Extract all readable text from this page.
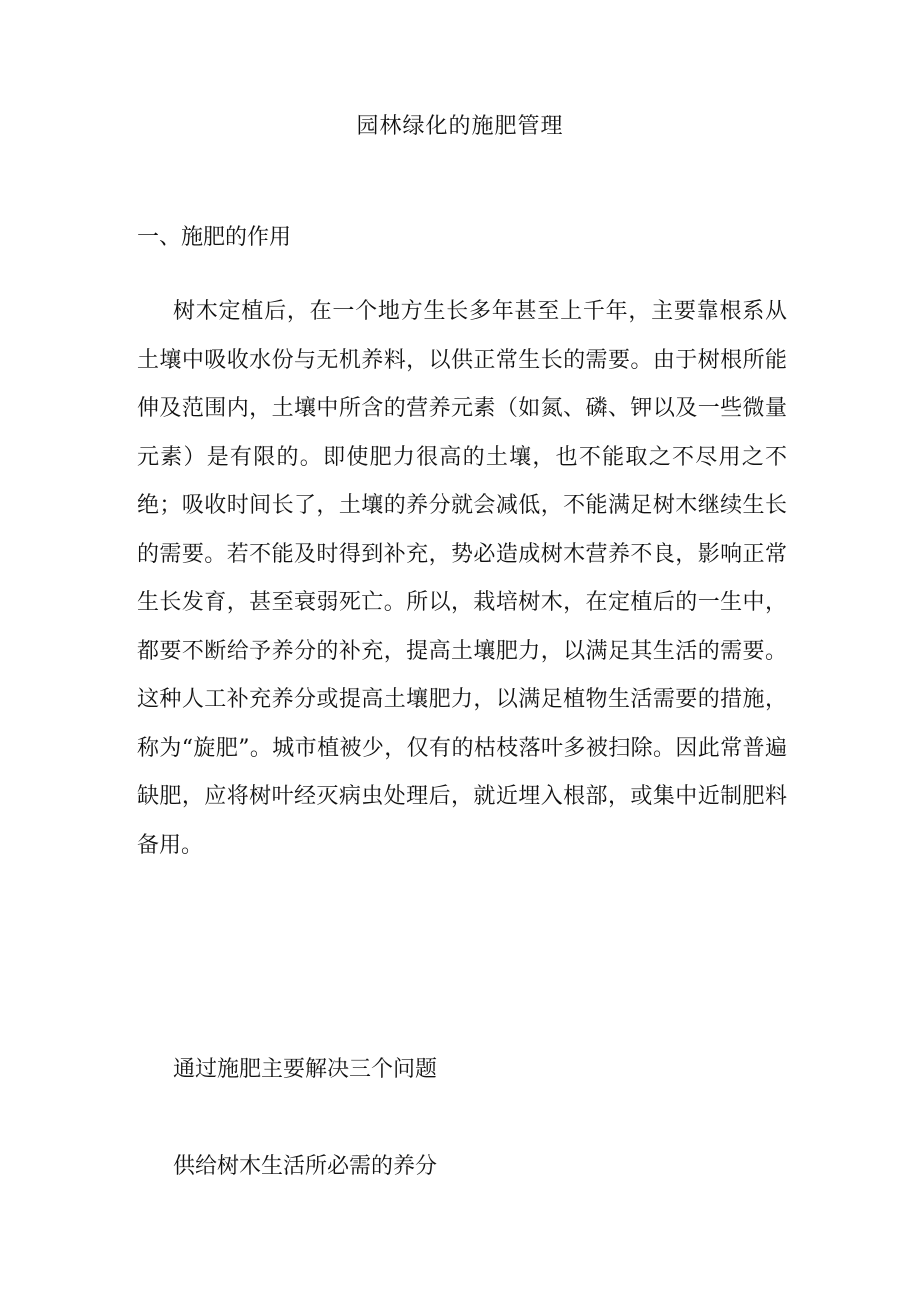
园林绿化的施肥管理
一、施肥的作用

树木定植后，在一个地方生长多年甚至上千年，主要靠根系从土壤中吸收水份与无机养料，以供正常生长的需要。由于树根所能伸及范围内，土壤中所含的营养元素（如氮、磷、钾以及一些微量元素）是有限的。即使肥力很高的土壤，也不能取之不尽用之不绝；吸收时间长了，土壤的养分就会减低，不能满足树木继续生长的需要。若不能及时得到补充，势必造成树木营养不良，影响正常生长发育，甚至衰弱死亡。所以，栽培树木，在定植后的一生中，都要不断给予养分的补充，提高土壤肥力，以满足其生活的需要。这种人工补充养分或提高土壤肥力，以满足植物生活需要的措施，称为“旋肥”。城市植被少，仅有的枯枝落叶多被扫除。因此常普遍缺肥，应将树叶经灭病虫处理后，就近埋入根部，或集中近制肥料备用。

通过施肥主要解决三个问题

供给树木生活所必需的养分
